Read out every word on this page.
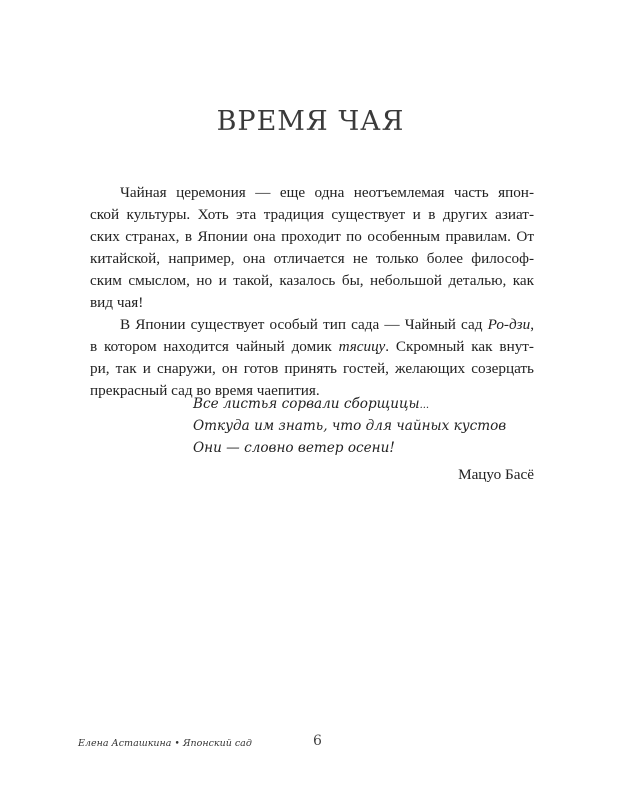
ВРЕМЯ ЧАЯ
Чайная церемония — еще одна неотъемлемая часть япон-
ской культуры. Хоть эта традиция существует и в других азиат-
ских странах, в Японии она проходит по особенным правилам. От
китайской, например, она отличается не только более философ-
ским смыслом, но и такой, казалось бы, небольшой деталью, как
вид чая!
В Японии существует особый тип сада — Чайный сад Ро-дзи,
в котором находится чайный домик тясицу. Скромный как внут-
ри, так и снаружи, он готов принять гостей, желающих созерцать
прекрасный сад во время чаепития.
Все листья сорвали сборщицы...
Откуда им знать, что для чайных кустов
Они — словно ветер осени!
Мацуо Басё
Елена Асташкина • Японский сад	6
